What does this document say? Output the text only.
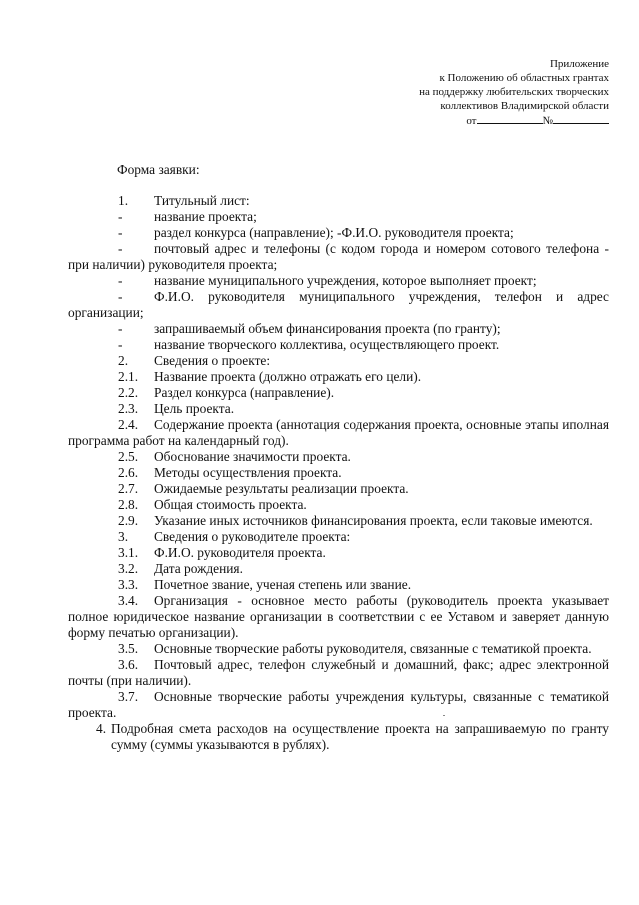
Приложение
к Положению об областных грантах
на поддержку любительских творческих
коллективов Владимирской области
от	№
Форма заявки:
1. Титульный лист:
- название проекта;
- раздел конкурса (направление); -Ф.И.О. руководителя проекта;
-	почтовый адрес и телефоны (с кодом города и номером сотового телефона - при наличии) руководителя проекта;
- название муниципального учреждения, которое выполняет проект;
-	Ф.И.О. руководителя муниципального учреждения, телефон и адрес организации;
- запрашиваемый объем финансирования проекта (по гранту);
- название творческого коллектива, осуществляющего проект.
2. Сведения о проекте:
2.1. Название проекта (должно отражать его цели).
2.2. Раздел конкурса (направление).
2.3. Цель проекта.
2.4.	Содержание проекта (аннотация содержания проекта, основные этапы иполная программа работ на календарный год).
2.5. Обоснование значимости проекта.
2.6. Методы осуществления проекта.
2.7. Ожидаемые результаты реализации проекта.
2.8. Общая стоимость проекта.
2.9.	Указание иных источников финансирования проекта, если таковые имеются.
3. Сведения о руководителе проекта:
3.1. Ф.И.О. руководителя проекта.
3.2. Дата рождения.
3.3. Почетное звание, ученая степень или звание.
3.4.	Организация - основное место работы (руководитель проекта указывает полное юридическое название организации в соответствии с ее Уставом и заверяет данную форму печатью организации).
3.5.	Основные творческие работы руководителя, связанные с тематикой проекта.
3.6.	Почтовый адрес, телефон служебный и домашний, факс; адрес электронной почты (при наличии).
3.7.	Основные творческие работы учреждения культуры, связанные с тематикой проекта.
4. Подробная смета расходов на осуществление проекта на запрашиваемую по гранту сумму (суммы указываются в рублях).
